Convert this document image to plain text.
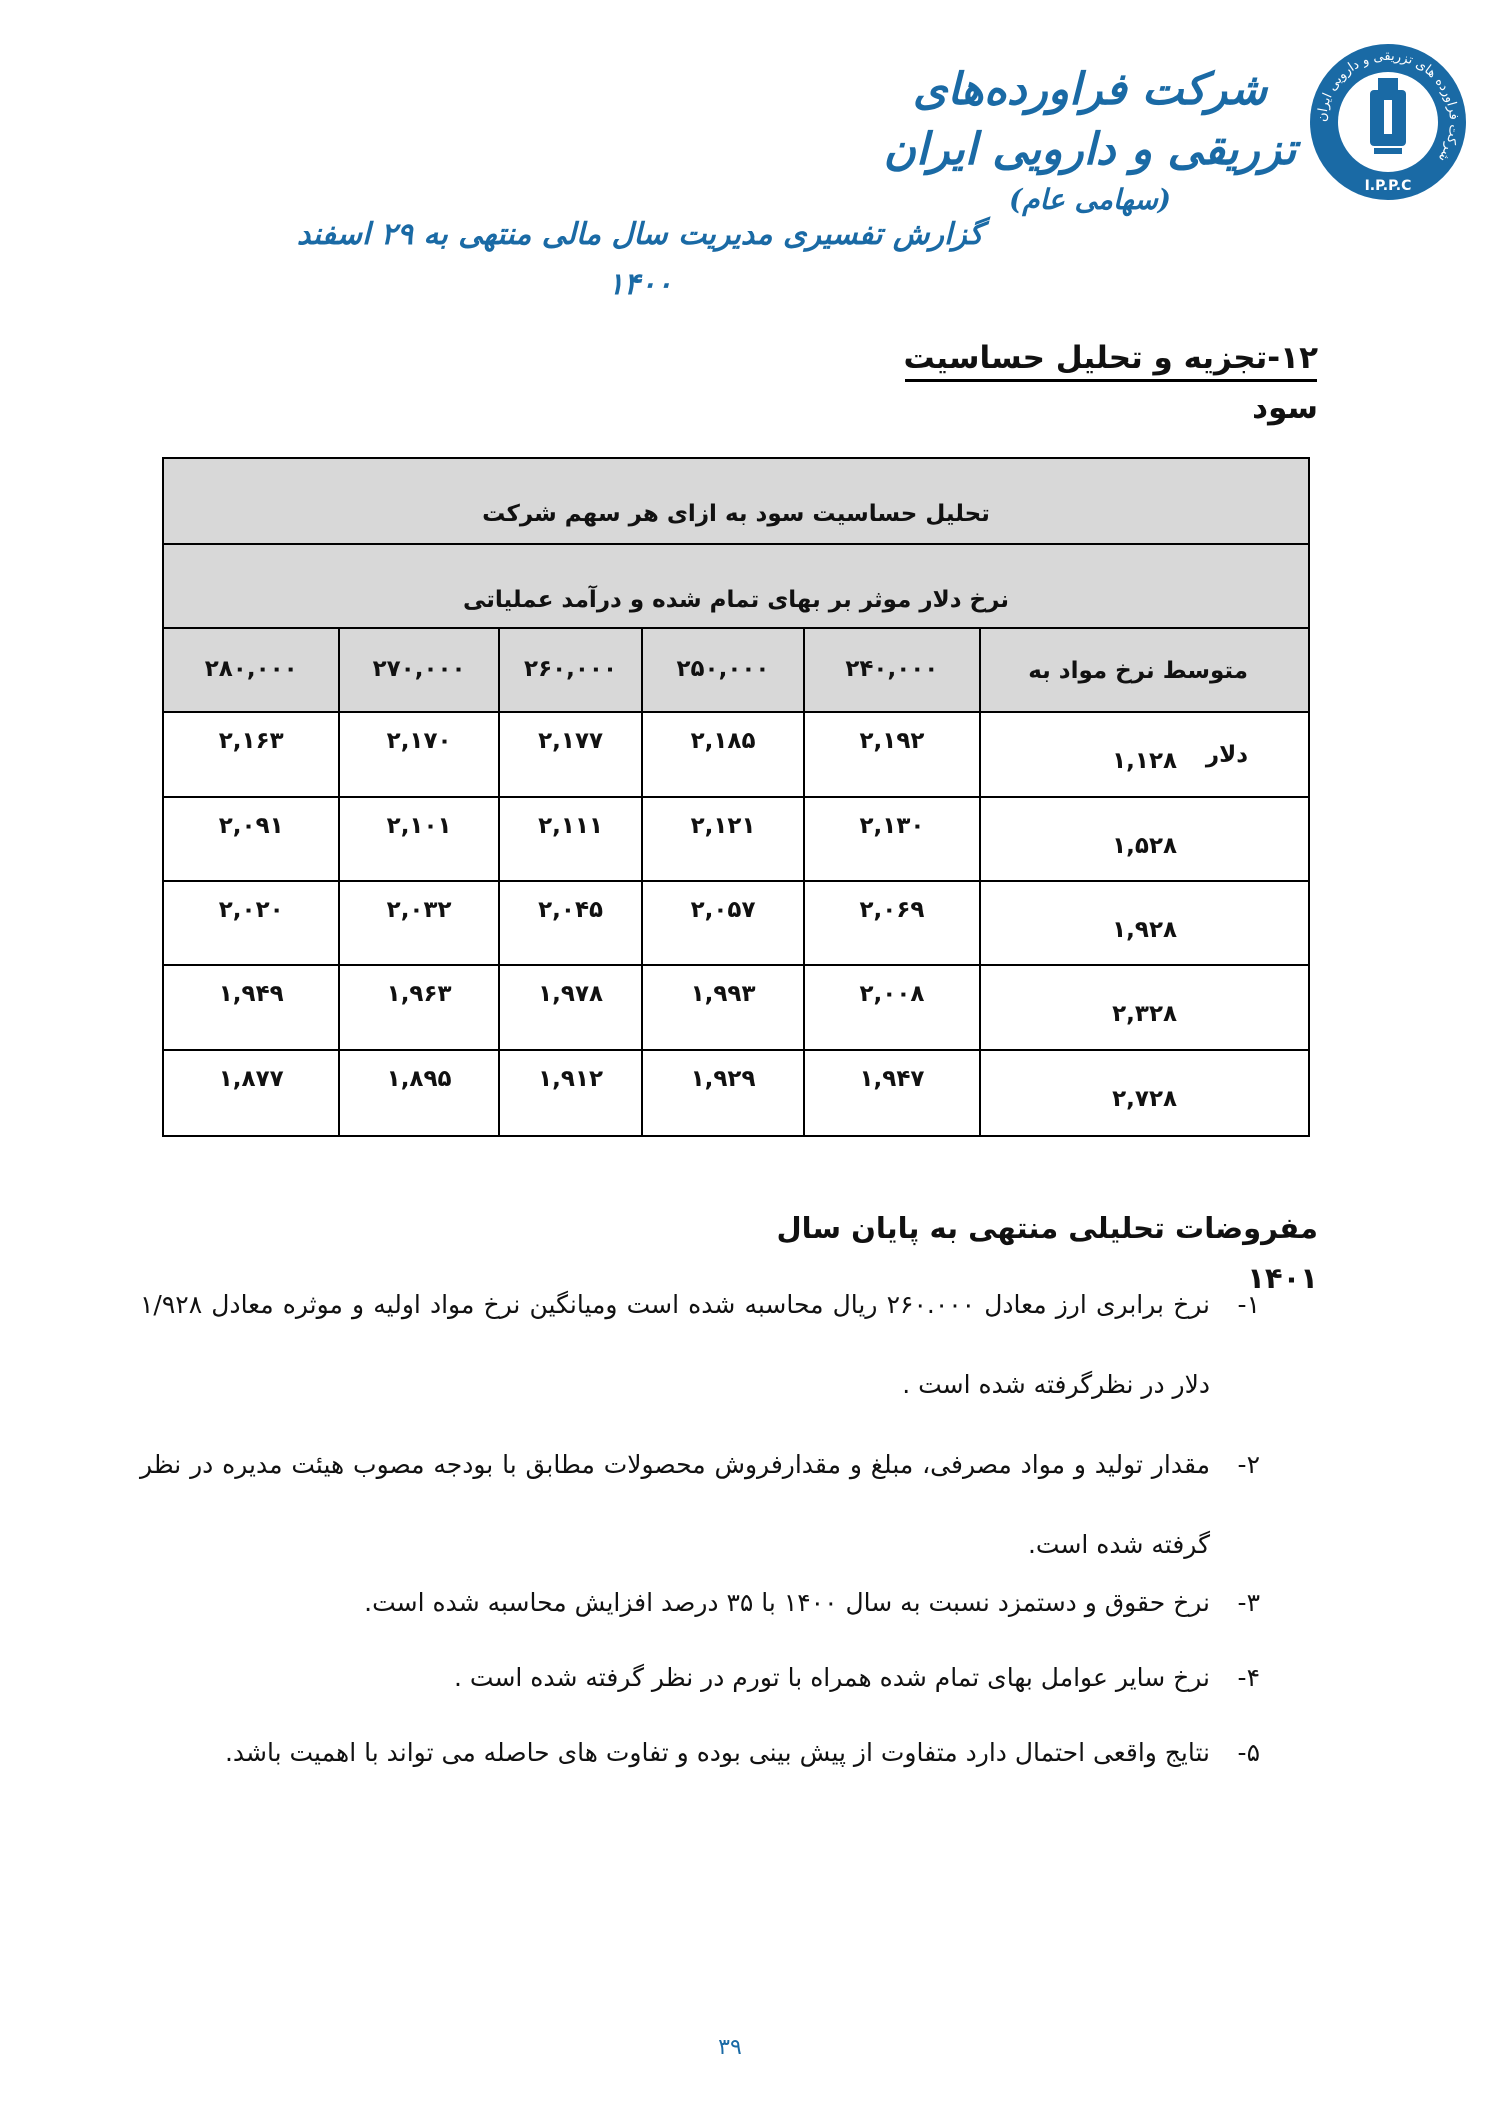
شرکت فراورده های تزریقی و دارویی ایران
I.P.P.C
شرکت فراورده‌های تزریقی و دارویی ایران
(سهامی عام)
گزارش تفسیری مدیریت سال مالی منتهی به ۲۹ اسفند ۱۴۰۰
۱۲-تجزیه و تحلیل حساسیت سود
تحلیل حساسیت سود به ازای هر سهم شرکت
نرخ دلار موثر بر بهای تمام شده و درآمد عملیاتی
متوسط نرخ مواد به دلار
۲۴۰,۰۰۰
۲۵۰,۰۰۰
۲۶۰,۰۰۰
۲۷۰,۰۰۰
۲۸۰,۰۰۰
۱,۱۲۸
۲,۱۹۲
۲,۱۸۵
۲,۱۷۷
۲,۱۷۰
۲,۱۶۳
۱,۵۲۸
۲,۱۳۰
۲,۱۲۱
۲,۱۱۱
۲,۱۰۱
۲,۰۹۱
۱,۹۲۸
۲,۰۶۹
۲,۰۵۷
۲,۰۴۵
۲,۰۳۲
۲,۰۲۰
۲,۳۲۸
۲,۰۰۸
۱,۹۹۳
۱,۹۷۸
۱,۹۶۳
۱,۹۴۹
۲,۷۲۸
۱,۹۴۷
۱,۹۲۹
۱,۹۱۲
۱,۸۹۵
۱,۸۷۷
مفروضات تحلیلی منتهی به پایان سال ۱۴۰۱
۱-
نرخ برابری ارز معادل ۲۶۰.۰۰۰ ریال محاسبه شده است ومیانگین نرخ مواد اولیه و موثره معادل ۱/۹۲۸ دلار در نظرگرفته شده است .
۲-
مقدار تولید و مواد مصرفی، مبلغ و مقدارفروش محصولات مطابق با بودجه مصوب هیئت مدیره در نظر گرفته شده است.
۳-
نرخ حقوق و دستمزد نسبت به سال ۱۴۰۰ با ۳۵ درصد افزایش محاسبه شده است.
۴-
نرخ سایر عوامل بهای تمام شده همراه با تورم در نظر گرفته شده است .
۵-
نتایج واقعی احتمال دارد متفاوت از پیش بینی بوده و تفاوت های حاصله می تواند با اهمیت باشد.
۳۹
